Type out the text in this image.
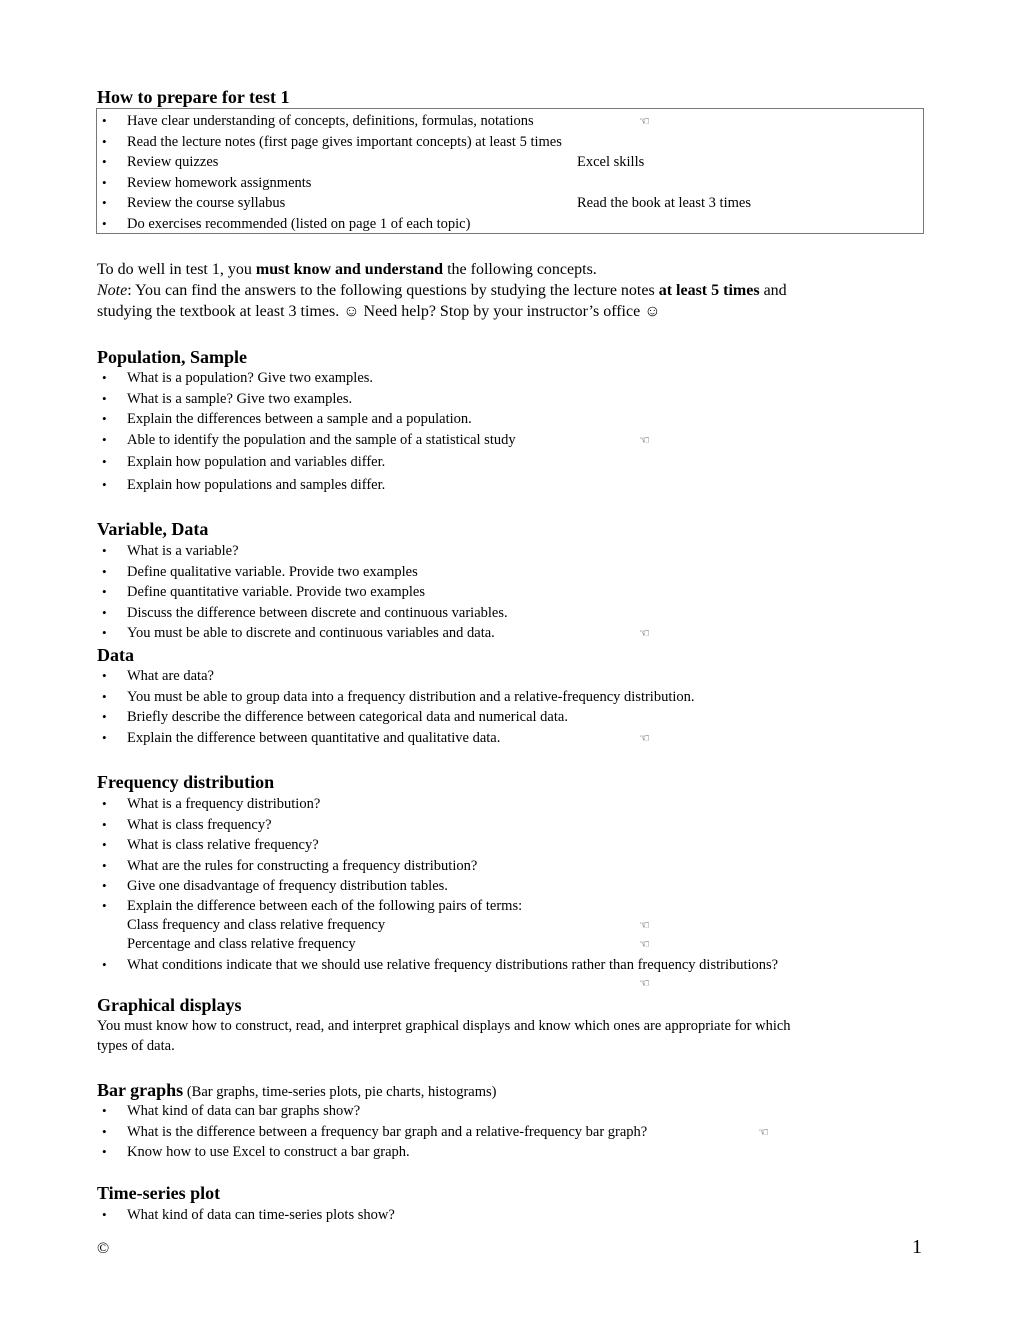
How to prepare for test 1
• Have clear understanding of concepts, definitions, formulas, notations	☜
• Read the lecture notes (first page gives important concepts) at least 5 times
• Review quizzes	Excel skills
• Review homework assignments
• Review the course syllabus	Read the book at least 3 times
• Do exercises recommended (listed on page 1 of each topic)
To do well in test 1, you must know and understand the following concepts.
Note: You can find the answers to the following questions by studying the lecture notes at least 5 times and
studying the textbook at least 3 times. ☺ Need help? Stop by your instructor’s office ☺
Population, Sample
• What is a population? Give two examples.
• What is a sample? Give two examples.
• Explain the differences between a sample and a population.
• Able to identify the population and the sample of a statistical study	☜
• Explain how population and variables differ.
• Explain how populations and samples differ.
Variable, Data
• What is a variable?
• Define qualitative variable. Provide two examples
• Define quantitative variable. Provide two examples
• Discuss the difference between discrete and continuous variables.
• You must be able to discrete and continuous variables and data.	☜
Data
• What are data?
• You must be able to group data into a frequency distribution and a relative-frequency distribution.
• Briefly describe the difference between categorical data and numerical data.
• Explain the difference between quantitative and qualitative data.	☜
Frequency distribution
• What is a frequency distribution?
• What is class frequency?
• What is class relative frequency?
• What are the rules for constructing a frequency distribution?
• Give one disadvantage of frequency distribution tables.
• Explain the difference between each of the following pairs of terms:
Class frequency and class relative frequency	☜
Percentage and class relative frequency	☜
• What conditions indicate that we should use relative frequency distributions rather than frequency distributions?
☜
Graphical displays
You must know how to construct, read, and interpret graphical displays and know which ones are appropriate for which
types of data.
Bar graphs (Bar graphs, time-series plots, pie charts, histograms)
• What kind of data can bar graphs show?
• What is the difference between a frequency bar graph and a relative-frequency bar graph?	☜
• Know how to use Excel to construct a bar graph.
Time-series plot
• What kind of data can time-series plots show?
©	1
